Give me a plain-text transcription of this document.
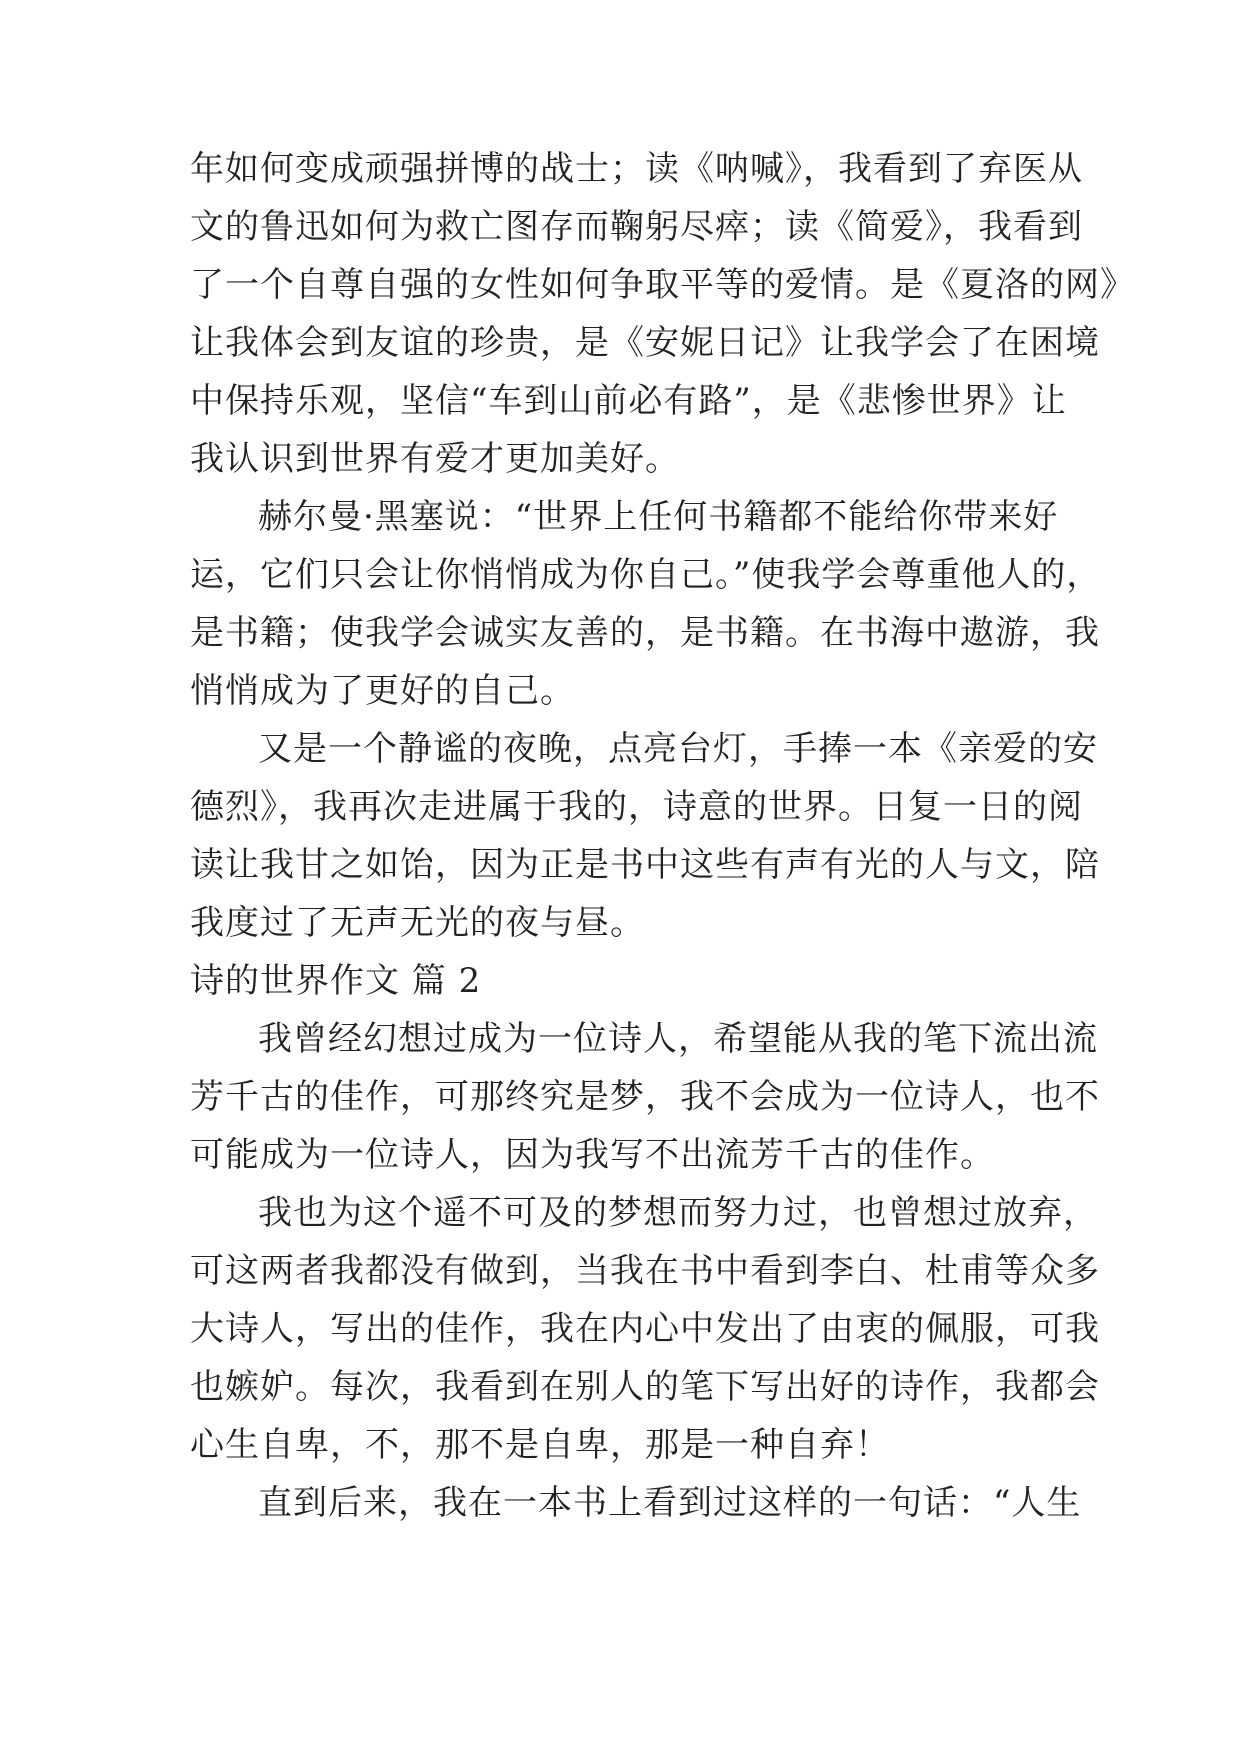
年如何变成顽强拼博的战士；读《呐喊》，我看到了弃医从
文的鲁迅如何为救亡图存而鞠躬尽瘁；读《简爱》，我看到
了一个自尊自强的女性如何争取平等的爱情。是《夏洛的网》
让我体会到友谊的珍贵，是《安妮日记》让我学会了在困境
中保持乐观，坚信“车到山前必有路”，是《悲惨世界》让
我认识到世界有爱才更加美好。
赫尔曼·黑塞说：“世界上任何书籍都不能给你带来好
运，它们只会让你悄悄成为你自己。”使我学会尊重他人的，
是书籍；使我学会诚实友善的，是书籍。在书海中遨游，我
悄悄成为了更好的自己。
又是一个静谧的夜晚，点亮台灯，手捧一本《亲爱的安
德烈》，我再次走进属于我的，诗意的世界。日复一日的阅
读让我甘之如饴，因为正是书中这些有声有光的人与文，陪
我度过了无声无光的夜与昼。
诗的世界作文 篇 2
我曾经幻想过成为一位诗人，希望能从我的笔下流出流
芳千古的佳作，可那终究是梦，我不会成为一位诗人，也不
可能成为一位诗人，因为我写不出流芳千古的佳作。
我也为这个遥不可及的梦想而努力过，也曾想过放弃，
可这两者我都没有做到，当我在书中看到李白、杜甫等众多
大诗人，写出的佳作，我在内心中发出了由衷的佩服，可我
也嫉妒。每次，我看到在别人的笔下写出好的诗作，我都会
心生自卑，不，那不是自卑，那是一种自弃！
直到后来，我在一本书上看到过这样的一句话：“人生
